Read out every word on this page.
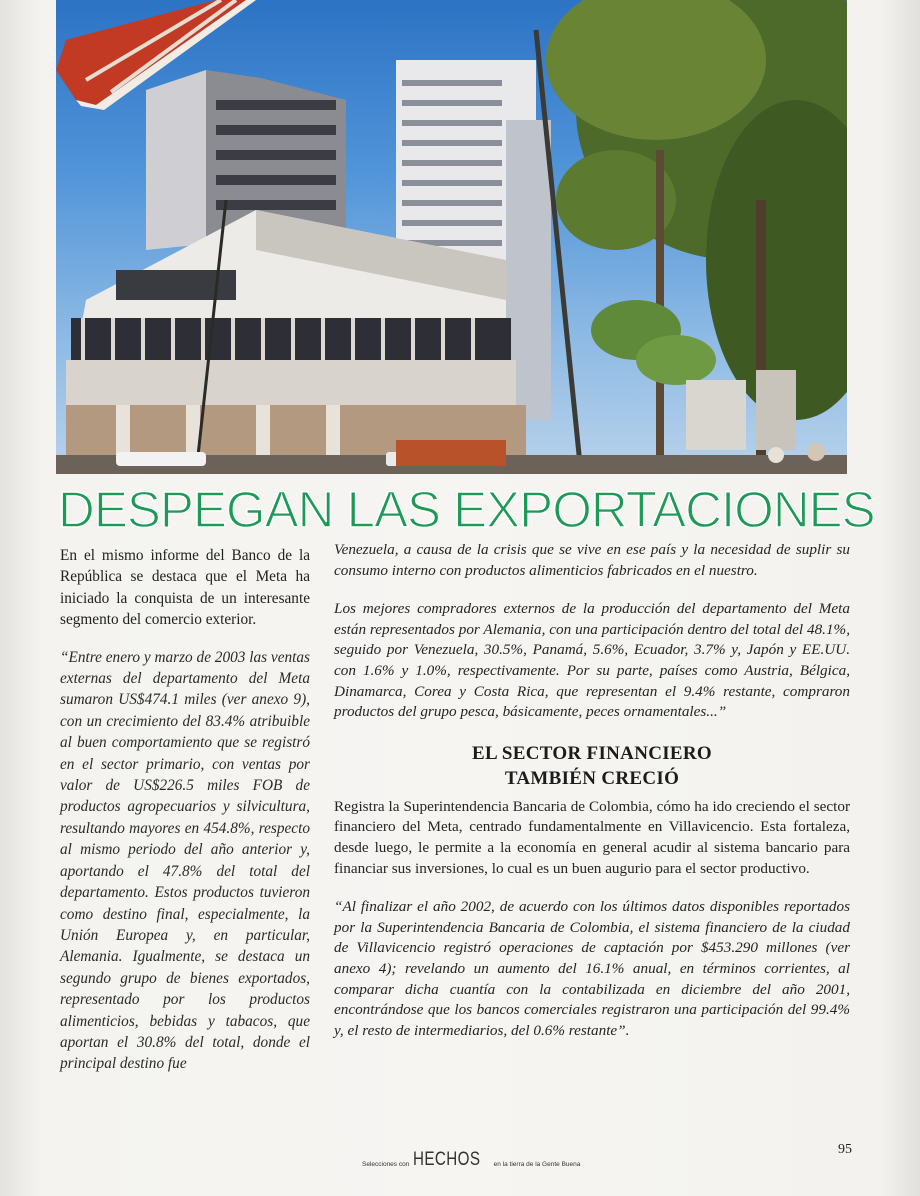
DESPEGAN LAS EXPORTACIONES

En el mismo informe del Banco de la República se destaca que el Meta ha iniciado la conquista de un interesante segmento del comercio exterior.

“Entre enero y marzo de 2003 las ventas externas del departamento del Meta sumaron US$474.1 miles (ver anexo 9), con un crecimiento del 83.4% atribuible al buen comportamiento que se registró en el sector primario, con ventas por valor de US$226.5 miles FOB de productos agropecuarios y silvicultura, resultando mayores en 454.8%, respecto al mismo periodo del año anterior y, aportando el 47.8% del total del departamento. Estos productos tuvieron como destino final, especialmente, la Unión Europea y, en particular, Alemania. Igualmente, se destaca un segundo grupo de bienes exportados, representado por los productos alimenticios, bebidas y tabacos, que aportan el 30.8% del total, donde el principal destino fue

Venezuela, a causa de la crisis que se vive en ese país y la necesidad de suplir su consumo interno con productos alimenticios fabricados en el nuestro.

Los mejores compradores externos de la producción del departamento del Meta están representados por Alemania, con una participación dentro del total del 48.1%, seguido por Venezuela, 30.5%, Panamá, 5.6%, Ecuador, 3.7% y, Japón y EE.UU. con 1.6% y 1.0%, respectivamente. Por su parte, países como Austria, Bélgica, Dinamarca, Corea y Costa Rica, que representan el 9.4% restante, compraron productos del grupo pesca, básicamente, peces ornamentales...”

EL SECTOR FINANCIERO
TAMBIÉN CRECIÓ

Registra la Superintendencia Bancaria de Colombia, cómo ha ido creciendo el sector financiero del Meta, centrado fundamentalmente en Villavicencio. Esta fortaleza, desde luego, le permite a la economía en general acudir al sistema bancario para financiar sus inversiones, lo cual es un buen augurio para el sector productivo.

“Al finalizar el año 2002, de acuerdo con los últimos datos disponibles reportados por la Superintendencia Bancaria de Colombia, el sistema financiero de la ciudad de Villavicencio registró operaciones de captación por $453.290 millones (ver anexo 4); revelando un aumento del 16.1% anual, en términos corrientes, al comparar dicha cuantía con la contabilizada en diciembre del año 2001, encontrándose que los bancos comerciales registraron una participación del 99.4% y, el resto de intermediarios, del 0.6% restante”.

Selecciones con HECHOS en la tierra de la Gente Buena
95
